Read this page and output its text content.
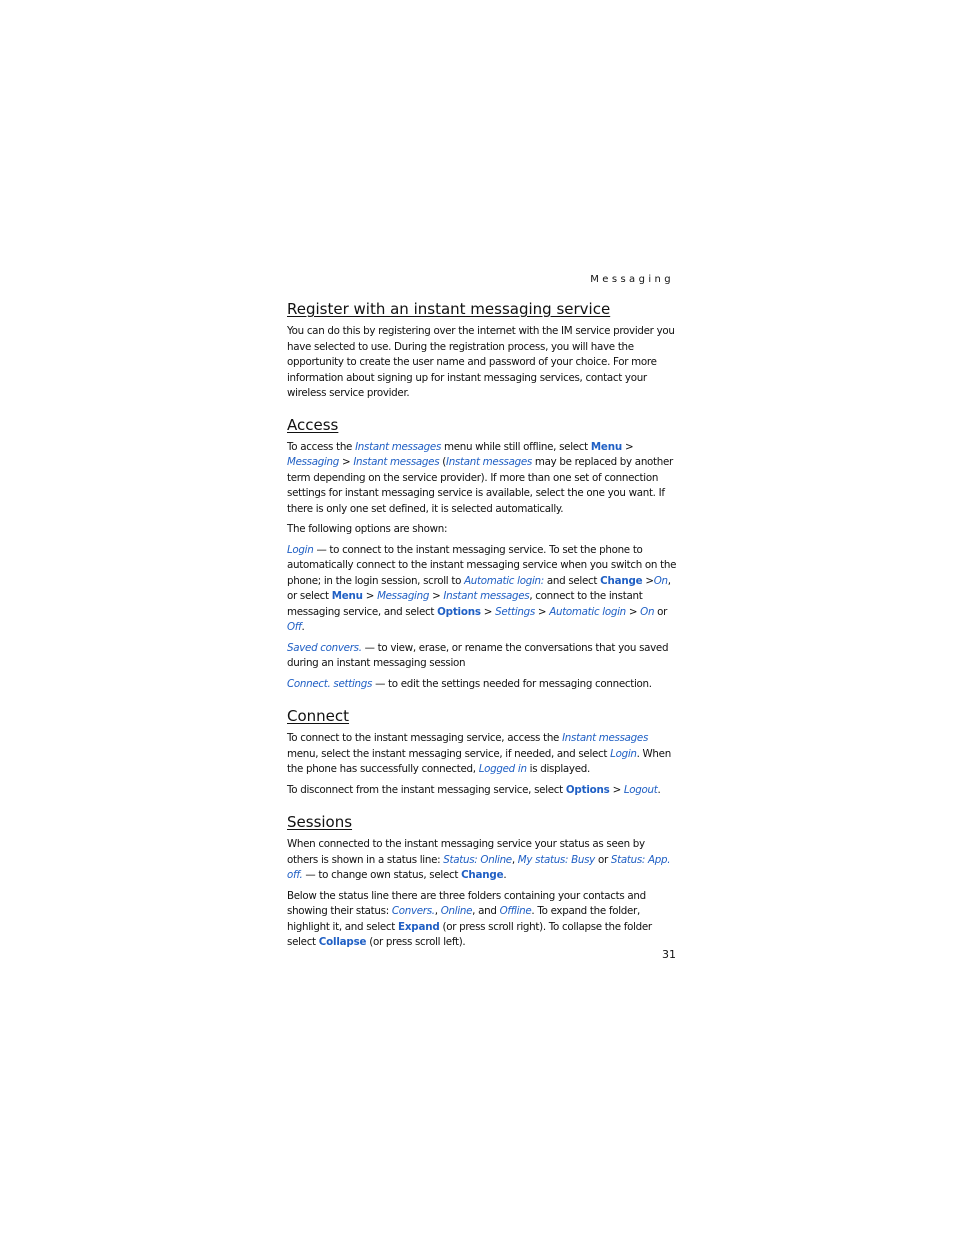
Messaging
Register with an instant messaging service

You can do this by registering over the internet with the IM service provider you have selected to use. During the registration process, you will have the opportunity to create the user name and password of your choice. For more information about signing up for instant messaging services, contact your wireless service provider.

Access

To access the Instant messages menu while still offline, select Menu > Messaging > Instant messages (Instant messages may be replaced by another term depending on the service provider). If more than one set of connection settings for instant messaging service is available, select the one you want. If there is only one set defined, it is selected automatically.

The following options are shown:

Login — to connect to the instant messaging service. To set the phone to automatically connect to the instant messaging service when you switch on the phone; in the login session, scroll to Automatic login: and select Change >On, or select Menu > Messaging > Instant messages, connect to the instant messaging service, and select Options > Settings > Automatic login > On or Off.

Saved convers. — to view, erase, or rename the conversations that you saved during an instant messaging session

Connect. settings — to edit the settings needed for messaging connection.

Connect

To connect to the instant messaging service, access the Instant messages menu, select the instant messaging service, if needed, and select Login. When the phone has successfully connected, Logged in is displayed.

To disconnect from the instant messaging service, select Options > Logout.

Sessions

When connected to the instant messaging service your status as seen by others is shown in a status line: Status: Online, My status: Busy or Status: App. off. — to change own status, select Change.

Below the status line there are three folders containing your contacts and showing their status: Convers., Online, and Offline. To expand the folder, highlight it, and select Expand (or press scroll right). To collapse the folder select Collapse (or press scroll left).

31
